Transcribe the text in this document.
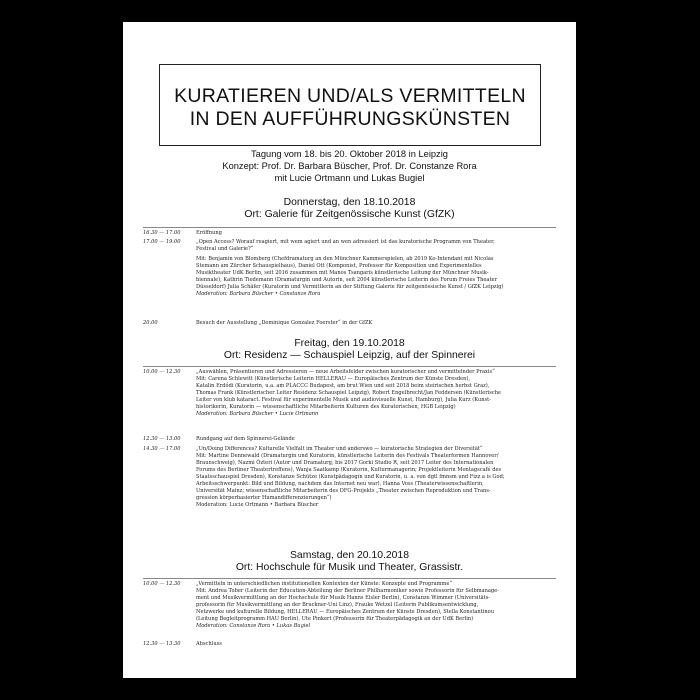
KURATIEREN UND/ALS VERMITTELN
IN DEN AUFFÜHRUNGSKÜNSTEN
Tagung vom 18. bis 20. Oktober 2018 in Leipzig
Konzept: Prof. Dr. Barbara Büscher, Prof. Dr. Constanze Rora
mit Lucie Ortmann und Lukas Bugiel
Donnerstag, den 18.10.2018
Ort: Galerie für Zeitgenössische Kunst (GfZK)
16.30 — 17.00	Eröffnung

17.00 — 19.00	„Open Access? Worauf reagiert, mit wem agiert und an wen adressiert ist das kuratorische Programm von Theater,

Festival und Galerie?“

Mit: Benjamin von Blomberg (Chefdramaturg an den Münchner Kammerspielen, ab 2019 Ko-Intendant mit Nicolas

Stemann am Zürcher Schauspielhaus), Daniel Ott (Komponist, Professor für Komposition und Experimentelles

Musiktheater UdK Berlin, seit 2016 zusammen mit Manos Tsangaris künstlerische Leitung der Münchner Musik-

biennale), Kathrin Tiedemann (Dramaturgin und Autorin, seit 2004 künstlerische Leiterin des Forum Freies Theater

Düsseldorf) Julia Schäfer (Kuratorin und Vermittlerin an der Stiftung Galerie für zeitgenössische Kunst / GfZK Leipzig)

Moderation: Barbara Büscher • Constanze Rora

20.00	Besuch der Ausstellung „Dominique Gonzalez Foerster“ in der GfZK

Freitag, den 19.10.2018
Ort: Residenz — Schauspiel Leipzig, auf der Spinnerei
10.00 — 12.30	„Auswählen, Präsentieren und Adressieren — neue Arbeitsfelder zwischen kuratorischer und vermittelnder Praxis“

Mit: Carena Schlewitt (Künstlerische Leiterin HELLERAU — Europäisches Zentrum der Künste Dresden),

Katalin Erdődi (Kuratorin, u.a. am PLACCC Budapest, am brut Wien und seit 2018 beim steirischen herbst Graz),

Thomas Frank (Künstlerischer Leiter Residenz Schauspiel Leipzig), Robert Engelbrecht/Jan Feddersen (Künstlerische

Leiter von klub kataract. Festival für experimentelle Musik und audiovisuelle Kunst, Hamburg), Julia Kurz (Kunst-

historikerin, Kuratorin — wissenschaftliche Mitarbeiterin Kulturen des Kuratorischen, HGB Leipzig)

Moderation: Barbara Büscher • Lucie Ortmann

12.30 — 13.00	Rundgang auf dem Spinnerei-Gelände

14.30 — 17.00	„Un/Doing Differences? Kulturelle Vielfalt im Theater und anderswo — kuratorische Strategien der Diversität“

Mit: Martine Dennewald (Dramaturgin und Kuratorin, künstlerische Leiterin des Festivals Theaterformen Hannover/

Braunschweig), Nazmi Özteri (Autor und Dramaturg, bis 2017 Gorki Studio R, seit 2017 Leiter des Internationalen

Forums des Berliner Theatertreffens), Wanja Saatkamp (Kuratorin, Kulturmanagerin; Projektleiterin Montagscafé des

Staatsschauspiel Dresden), Konstanze Schütze (Kunstpädagogin und Kuratorin, u. a. von dgtl fmnsm und Fizz a is God;

Arbeitsschwerpunkt: Bild und Bildung, nachdem das Internet neu war), Hanna Voss (Theaterwissenschaftlerin,

Universität Mainz; wissenschaftliche Mitarbeiterin des DFG-Projekts „Theater zwischen Reproduktion und Trans-

gression körperbasierter Humandifferenzierungen“)

Moderation: Lucie Ortmann • Barbara Büscher

Samstag, den 20.10.2018
Ort: Hochschule für Musik und Theater, Grassistr.
10.00 — 12.30	„Vermitteln in unterschiedlichen institutionellen Kontexten der Künste: Konzepte und Programme“

Mit: Andrea Tober (Leiterin der Education-Abteilung der Berliner Philharmoniker sowie Professorin für Selbmanage-

ment und Musikvermittlung an der Hochschule für Musik Hanns Eisler Berlin), Constanze Wimmer (Universitäts-

professorin für Musikvermittlung an der Bruckner-Uni Linz), Frauke Wetzel (Leiterin Publikumsentwicklung,

Netzwerke und kulturelle Bildung, HELLERAU — Europäisches Zentrum der Künste Dresden), Stella Konstantinou

(Leitung Begleitprogramm HAU Berlin), Ute Pinkert (Professorin für Theaterpädagogik an der UdK Berlin)

Moderation: Constanze Rora • Lukas Bugiel

12.30 — 13.30	Abschluss
